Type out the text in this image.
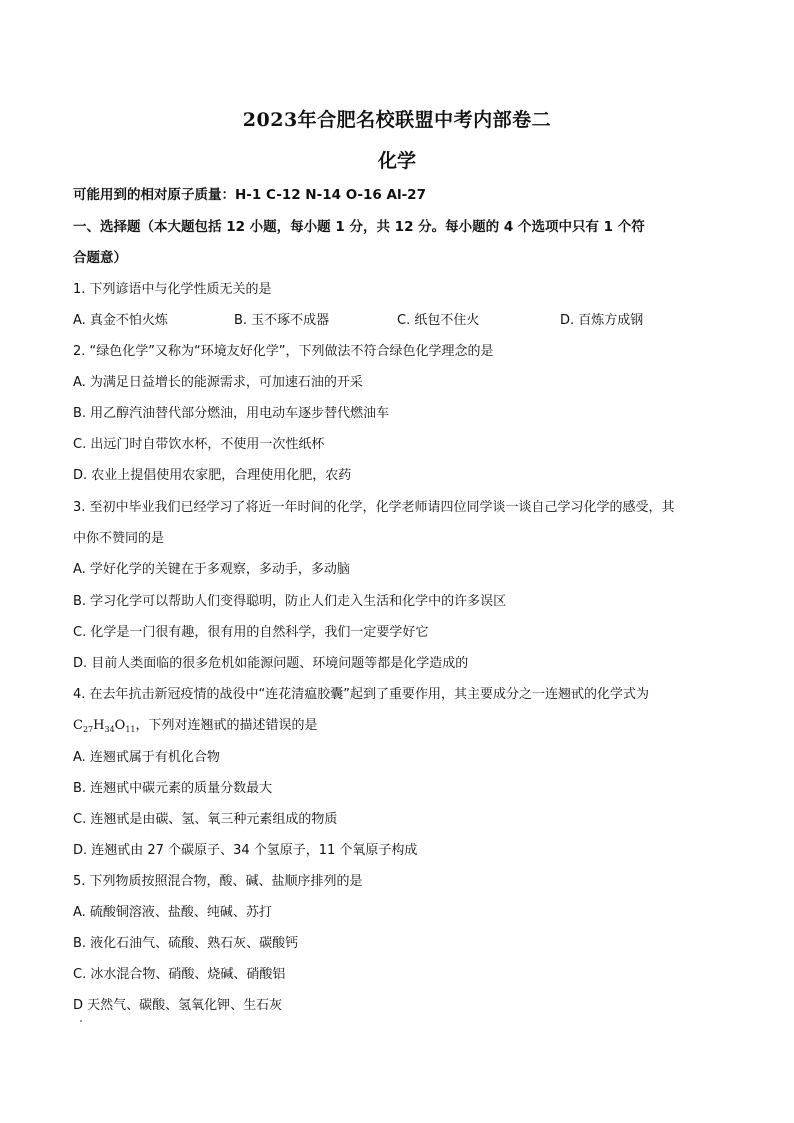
2023年合肥名校联盟中考内部卷二
化学
可能用到的相对原子质量：H-1 C-12 N-14 O-16 Al-27
一、选择题（本大题包括 12 小题，每小题 1 分，共 12 分。每小题的 4 个选项中只有 1 个符
合题意）
1. 下列谚语中与化学性质无关的是
A. 真金不怕火炼	B. 玉不琢不成器	C. 纸包不住火	D. 百炼方成钢
2. “绿色化学”又称为“环境友好化学”，下列做法不符合绿色化学理念的是
A. 为满足日益增长的能源需求，可加速石油的开采
B. 用乙醇汽油替代部分燃油，用电动车逐步替代燃油车
C. 出远门时自带饮水杯，不使用一次性纸杯
D. 农业上提倡使用农家肥，合理使用化肥，农药
3. 至初中毕业我们已经学习了将近一年时间的化学，化学老师请四位同学谈一谈自己学习化学的感受，其
中你不赞同的是
A. 学好化学的关键在于多观察，多动手，多动脑
B. 学习化学可以帮助人们变得聪明，防止人们走入生活和化学中的许多误区
C. 化学是一门很有趣，很有用的自然科学，我们一定要学好它
D. 目前人类面临的很多危机如能源问题、环境问题等都是化学造成的
4. 在去年抗击新冠疫情的战役中“连花清瘟胶囊”起到了重要作用，其主要成分之一连翘甙的化学式为
$C_{27}H_{34}O_{11}$，下列对连翘甙的描述错误的是
A. 连翘甙属于有机化合物
B. 连翘甙中碳元素的质量分数最大
C. 连翘甙是由碳、氢、氧三种元素组成的物质
D. 连翘甙由 27 个碳原子、34 个氢原子，11 个氧原子构成
5. 下列物质按照混合物，酸、碱、盐顺序排列的是
A. 硫酸铜溶液、盐酸、纯碱、苏打
B. 液化石油气、硫酸、熟石灰、碳酸钙
C. 冰水混合物、硝酸、烧碱、硝酸铝
D 天然气、碳酸、氢氧化钾、生石灰
